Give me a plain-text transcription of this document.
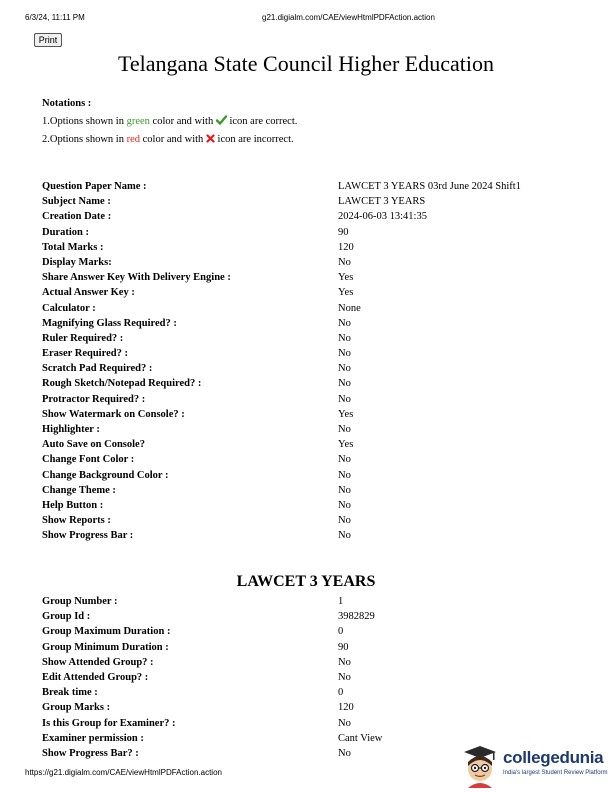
6/3/24, 11:11 PM	g21.digialm.com/CAE/viewHtmlPDFAction.action
Print
Telangana State Council Higher Education
Notations :
1.Options shown in green color and with  icon are correct.
2.Options shown in red color and with  icon are incorrect.
Question Paper Name :	LAWCET 3 YEARS 03rd June 2024 Shift1
Subject Name :	LAWCET 3 YEARS
Creation Date :	2024-06-03 13:41:35
Duration :	90
Total Marks :	120
Display Marks:	No
Share Answer Key With Delivery Engine :	Yes
Actual Answer Key :	Yes
Calculator :	None
Magnifying Glass Required? :	No
Ruler Required? :	No
Eraser Required? :	No
Scratch Pad Required? :	No
Rough Sketch/Notepad Required? :	No
Protractor Required? :	No
Show Watermark on Console? :	Yes
Highlighter :	No
Auto Save on Console?	Yes
Change Font Color :	No
Change Background Color :	No
Change Theme :	No
Help Button :	No
Show Reports :	No
Show Progress Bar :	No
LAWCET 3 YEARS
Group Number :	1
Group Id :	3982829
Group Maximum Duration :	0
Group Minimum Duration :	90
Show Attended Group? :	No
Edit Attended Group? :	No
Break time :	0
Group Marks :	120
Is this Group for Examiner? :	No
Examiner permission :	Cant View
Show Progress Bar? :	No
https://g21.digialm.com/CAE/viewHtmlPDFAction.action
collegedunia
India's largest Student Review Platform
